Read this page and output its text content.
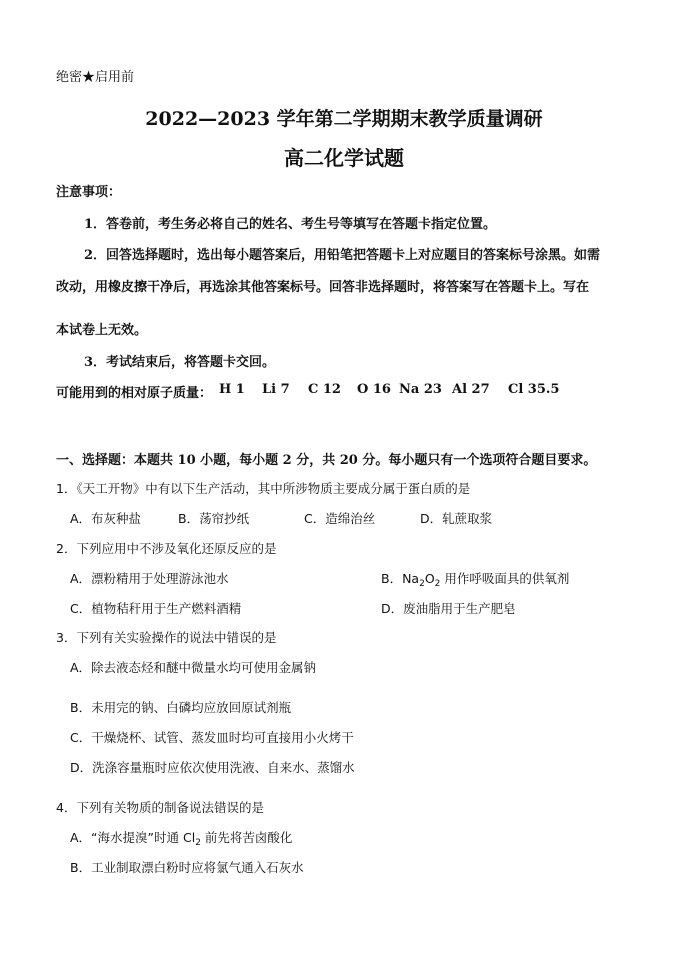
绝密★启用前
2022—2023 学年第二学期期末教学质量调研
高二化学试题
注意事项：
1．答卷前，考生务必将自己的姓名、考生号等填写在答题卡指定位置。
2．回答选择题时，选出每小题答案后，用铅笔把答题卡上对应题目的答案标号涂黑。如需
改动，用橡皮擦干净后，再选涂其他答案标号。回答非选择题时，将答案写在答题卡上。写在
本试卷上无效。
3．考试结束后，将答题卡交回。
可能用到的相对原子质量： H 1 Li 7 C 12 O 16 Na 23 Al 27 Cl 35.5
一、选择题：本题共 10 小题，每小题 2 分，共 20 分。每小题只有一个选项符合题目要求。
1．《天工开物》中有以下生产活动，其中所涉物质主要成分属于蛋白质的是
A．布灰种盐	B．荡帘抄纸	C．造绵治丝	D．轧蔗取浆
2．下列应用中不涉及氧化还原反应的是
A．漂粉精用于处理游泳池水	B．$Na_2O_2$ 用作呼吸面具的供氧剂
C．植物秸秆用于生产燃料酒精	D．废油脂用于生产肥皂
3．下列有关实验操作的说法中错误的是
A．除去液态烃和醚中微量水均可使用金属钠
B．未用完的钠、白磷均应放回原试剂瓶
C．干燥烧杯、试管、蒸发皿时均可直接用小火烤干
D．洗涤容量瓶时应依次使用洗液、自来水、蒸馏水
4．下列有关物质的制备说法错误的是
A．“海水提溴”时通 $Cl_2$ 前先将苦卤酸化
B．工业制取漂白粉时应将氯气通入石灰水
